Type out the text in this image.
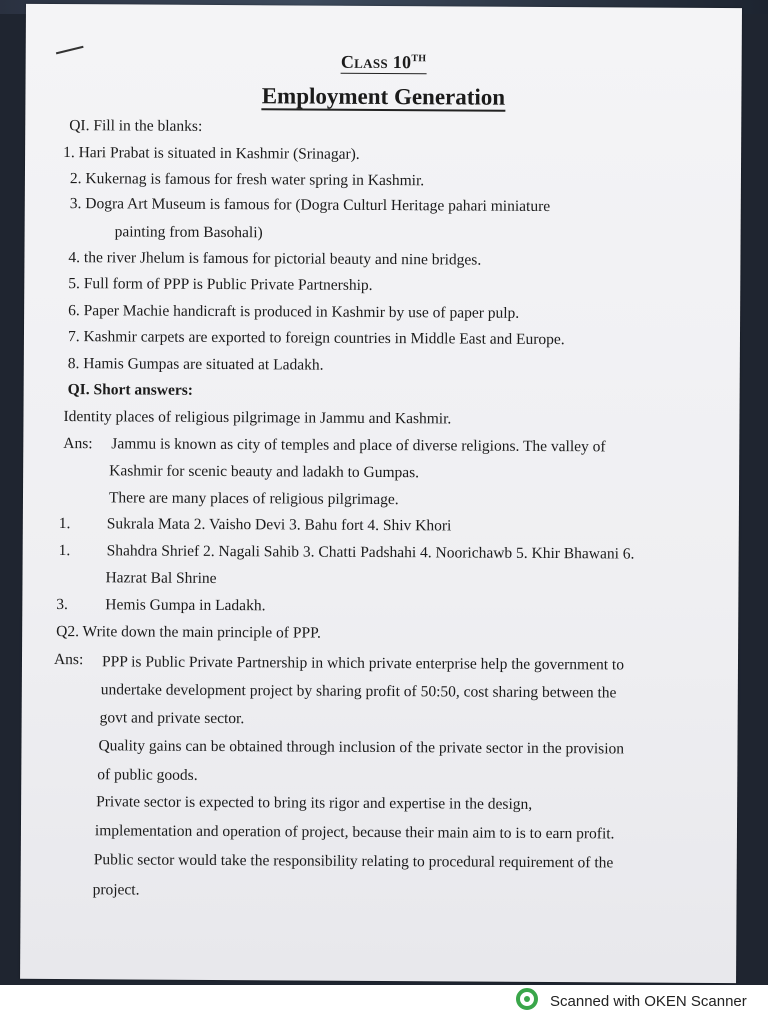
Class 10TH
Employment Generation
QI. Fill in the blanks:
1. Hari Prabat is situated in Kashmir (Srinagar).
2. Kukernag is famous for fresh water spring in Kashmir.
3. Dogra Art Museum is famous for (Dogra Culturl Heritage pahari miniature
painting from Basohali)
4. the river Jhelum is famous for pictorial beauty and nine bridges.
5. Full form of PPP is Public Private Partnership.
6. Paper Machie handicraft is produced in Kashmir by use of paper pulp.
7. Kashmir carpets are exported to foreign countries in Middle East and Europe.
8. Hamis Gumpas are situated at Ladakh.
QI. Short answers:
Identity places of religious pilgrimage in Jammu and Kashmir.
Ans: Jammu is known as city of temples and place of diverse religions. The valley of
Kashmir for scenic beauty and ladakh to Gumpas.
There are many places of religious pilgrimage.
1. Sukrala Mata 2. Vaisho Devi 3. Bahu fort 4. Shiv Khori
1. Shahdra Shrief 2. Nagali Sahib 3. Chatti Padshahi 4. Noorichawb 5. Khir Bhawani 6.
Hazrat Bal Shrine
3. Hemis Gumpa in Ladakh.
Q2. Write down the main principle of PPP.
Ans: PPP is Public Private Partnership in which private enterprise help the government to
undertake development project by sharing profit of 50:50, cost sharing between the
govt and private sector.
Quality gains can be obtained through inclusion of the private sector in the provision
of public goods.
Private sector is expected to bring its rigor and expertise in the design,
implementation and operation of project, because their main aim to is to earn profit.
Public sector would take the responsibility relating to procedural requirement of the
project.
Scanned with OKEN Scanner
